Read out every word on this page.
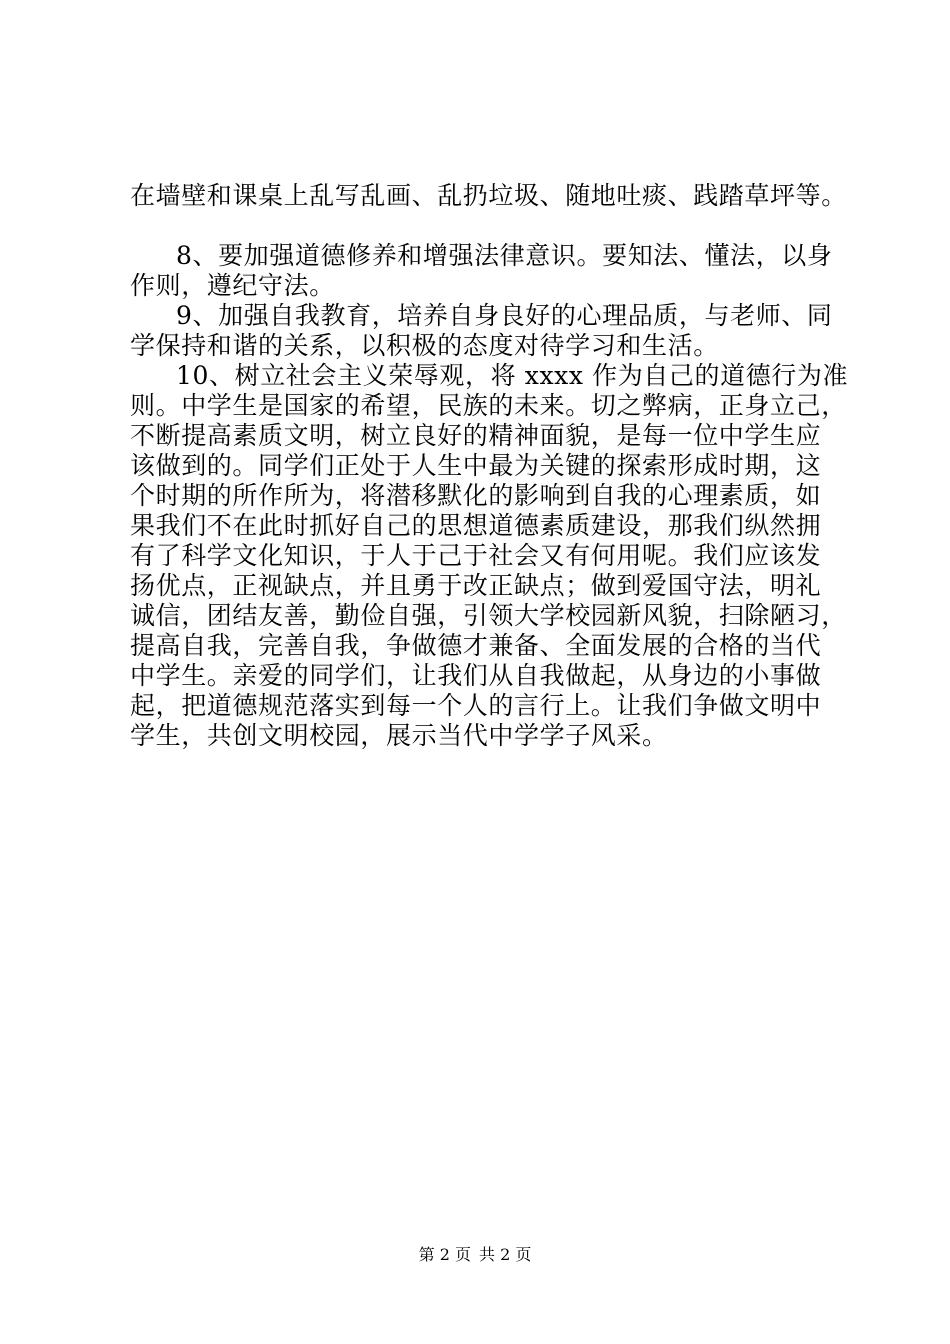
在墙壁和课桌上乱写乱画、乱扔垃圾、随地吐痰、践踏草坪等。
8、要加强道德修养和增强法律意识。要知法、懂法，以身
作则，遵纪守法。
9、加强自我教育，培养自身良好的心理品质，与老师、同
学保持和谐的关系，以积极的态度对待学习和生活。
10、树立社会主义荣辱观，将 xxxx 作为自己的道德行为准
则。中学生是国家的希望，民族的未来。切之弊病，正身立己，
不断提高素质文明，树立良好的精神面貌，是每一位中学生应
该做到的。同学们正处于人生中最为关键的探索形成时期，这
个时期的所作所为，将潜移默化的影响到自我的心理素质，如
果我们不在此时抓好自己的思想道德素质建设，那我们纵然拥
有了科学文化知识，于人于己于社会又有何用呢。我们应该发
扬优点，正视缺点，并且勇于改正缺点；做到爱国守法，明礼
诚信，团结友善，勤俭自强，引领大学校园新风貌，扫除陋习，
提高自我，完善自我，争做德才兼备、全面发展的合格的当代
中学生。亲爱的同学们，让我们从自我做起，从身边的小事做
起，把道德规范落实到每一个人的言行上。让我们争做文明中
学生，共创文明校园，展示当代中学学子风采。
第 2 页 共 2 页
